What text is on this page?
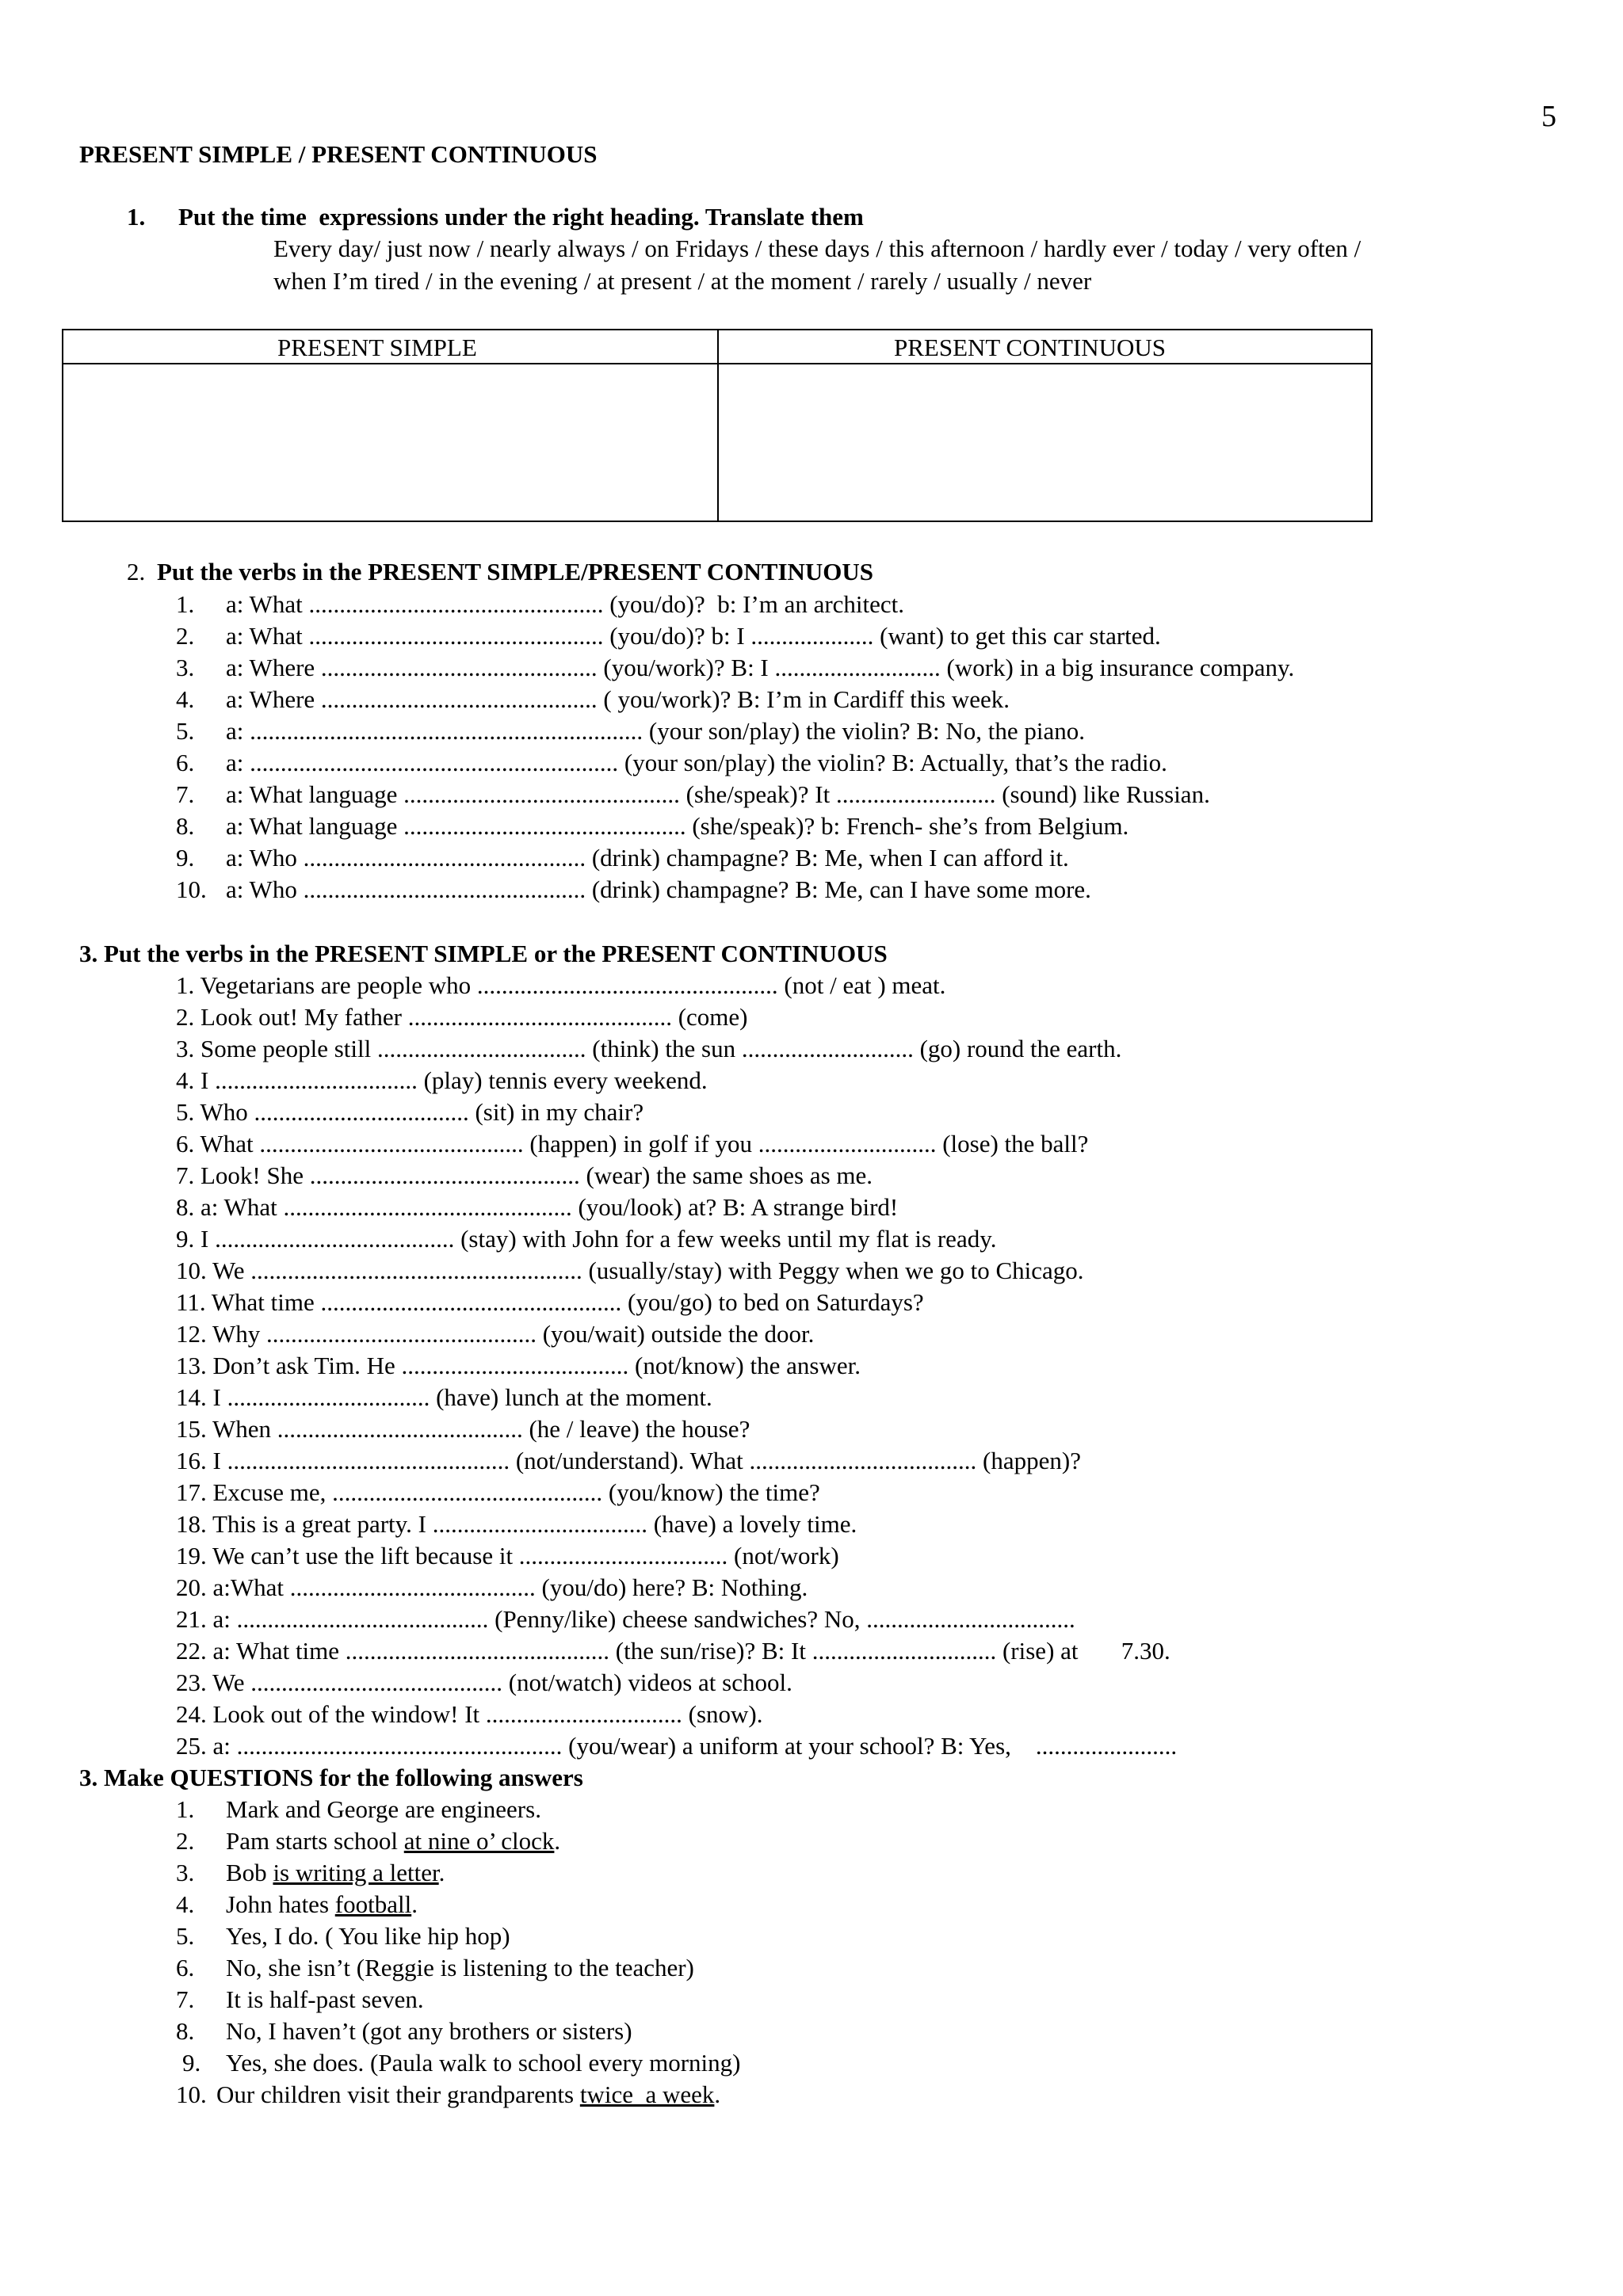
5
PRESENT SIMPLE / PRESENT CONTINUOUS
1. Put the time  expressions under the right heading. Translate them
Every day/ just now / nearly always / on Fridays / these days / this afternoon / hardly ever / today / very often /
when I’m tired / in the evening / at present / at the moment / rarely / usually / never
PRESENT SIMPLE	PRESENT CONTINUOUS
2. Put the verbs in the PRESENT SIMPLE/PRESENT CONTINUOUS
1. a: What ................................................ (you/do)?  b: I’m an architect.
2. a: What ................................................ (you/do)? b: I .................... (want) to get this car started.
3. a: Where ............................................. (you/work)? B: I ........................... (work) in a big insurance company.
4. a: Where ............................................. ( you/work)? B: I’m in Cardiff this week.
5. a: ................................................................ (your son/play) the violin? B: No, the piano.
6. a: ............................................................ (your son/play) the violin? B: Actually, that’s the radio.
7. a: What language ............................................. (she/speak)? It .......................... (sound) like Russian.
8. a: What language .............................................. (she/speak)? b: French- she’s from Belgium.
9. a: Who .............................................. (drink) champagne? B: Me, when I can afford it.
10. a: Who .............................................. (drink) champagne? B: Me, can I have some more.
3. Put the verbs in the PRESENT SIMPLE or the PRESENT CONTINUOUS
1. Vegetarians are people who ................................................. (not / eat ) meat.
2. Look out! My father ........................................... (come)
3. Some people still .................................. (think) the sun ............................ (go) round the earth.
4. I ................................. (play) tennis every weekend.
5. Who ................................... (sit) in my chair?
6. What ........................................... (happen) in golf if you ............................. (lose) the ball?
7. Look! She ............................................ (wear) the same shoes as me.
8. a: What ............................................... (you/look) at? B: A strange bird!
9. I ....................................... (stay) with John for a few weeks until my flat is ready.
10. We ...................................................... (usually/stay) with Peggy when we go to Chicago.
11. What time ................................................. (you/go) to bed on Saturdays?
12. Why ............................................ (you/wait) outside the door.
13. Don’t ask Tim. He ..................................... (not/know) the answer.
14. I ................................. (have) lunch at the moment.
15. When ........................................ (he / leave) the house?
16. I .............................................. (not/understand). What ..................................... (happen)?
17. Excuse me, ............................................ (you/know) the time?
18. This is a great party. I ................................... (have) a lovely time.
19. We can’t use the lift because it .................................. (not/work)
20. a:What ........................................ (you/do) here? B: Nothing.
21. a: ......................................... (Penny/like) cheese sandwiches? No, ..................................
22. a: What time ........................................... (the sun/rise)? B: It .............................. (rise) at       7.30.
23. We ......................................... (not/watch) videos at school.
24. Look out of the window! It ................................ (snow).
25. a: ..................................................... (you/wear) a uniform at your school? B: Yes,    .......................
3. Make QUESTIONS for the following answers
1. Mark and George are engineers.
2. Pam starts school at nine o’ clock.
3. Bob is writing a letter.
4. John hates football.
5. Yes, I do. ( You like hip hop)
6. No, she isn’t (Reggie is listening to the teacher)
7. It is half-past seven.
8. No, I haven’t (got any brothers or sisters)
9. Yes, she does. (Paula walk to school every morning)
10. Our children visit their grandparents twice  a week.
